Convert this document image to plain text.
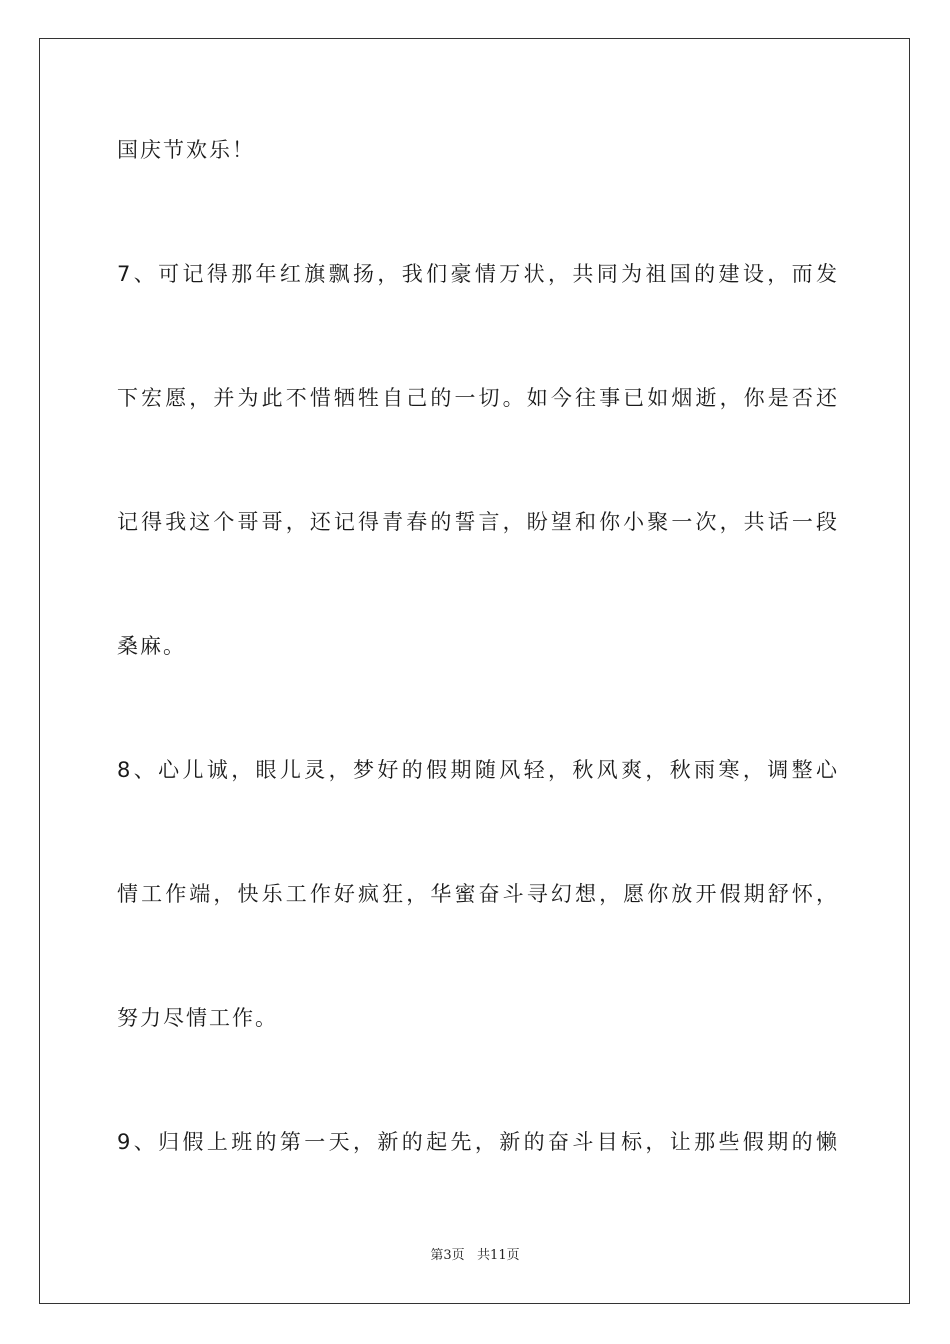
国庆节欢乐！
7、可记得那年红旗飘扬，我们豪情万状，共同为祖国的建设，而发
下宏愿，并为此不惜牺牲自己的一切。如今往事已如烟逝，你是否还
记得我这个哥哥，还记得青春的誓言，盼望和你小聚一次，共话一段
桑麻。
8、心儿诚，眼儿灵，梦好的假期随风轻，秋风爽，秋雨寒，调整心
情工作端，快乐工作好疯狂，华蜜奋斗寻幻想，愿你放开假期舒怀，
努力尽情工作。
9、归假上班的第一天，新的起先，新的奋斗目标，让那些假期的懒
第3页   共11页
